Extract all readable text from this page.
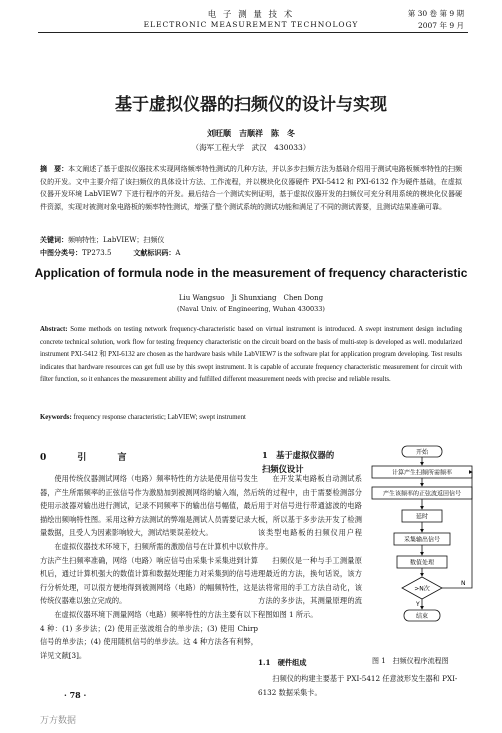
电 子 测 量 技 术
ELECTRONIC MEASUREMENT TECHNOLOGY
第 30 卷 第 9 期
2007 年 9 月
基于虚拟仪器的扫频仪的设计与实现
刘旺顺　吉顺祥　陈　冬
（海军工程大学　武汉　430033）
摘　要：本文阐述了基于虚拟仪器技术实现网络频率特性测试的几种方法，并以多步扫频方法为基础介绍用于测试电路板频率特性的扫频仪的开发。文中主要介绍了该扫频仪的具体设计方法、工作流程，并以模块化仪器硬件 PXI-5412 和 PXI-6132 作为硬件基础，在虚拟仪器开发环境 LabVIEW7 下进行程序的开发。最后结合一个测试实例证明，基于虚拟仪器开发的扫频仪可充分利用系统的模块化仪器硬件资源，实现对被测对象电路板的频率特性测试，增强了整个测试系统的测试功能和满足了不同的测试需要，且测试结果准确可靠。
关键词：频响特性；LabVIEW；扫频仪
中图分类号：TP273.5	文献标识码：A
Application of formula node in the measurement of frequency characteristic
Liu Wangsuo　Ji Shunxiang　Chen Dong
(Naval Univ. of Engineering, Wuhan 430033)
Abstract: Some methods on testing network frequency-characteristic based on virtual instrument is introduced. A swept instrument design including concrete technical solution, work flow for testing frequency characteristic on the circuit board on the basis of multi-step is developed as well. modularized instrument PXI-5412 和 PXI-6132 are chosen as the hardware basis while LabVIEW7 is the software plat for application program developing. Test results indicates that hardware resources can get full use by this swept instrument. It is capable of accurate frequency characteristic measurement for circuit with filter function, so it enhances the measurement ability and fulfilled different measurement needs with precise and reliable results.
Keywords: frequency response characteristic; LabVIEW; swept instrument
0 引 言

使用传统仪器测试网络（电路）频率特性的方法是使用信号发生器，产生所需频率的正弦信号作为激励加到被测网络的输入端，然后使用示波器对输出进行测试，记录不同频率下的输出信号幅值，最后描绘出频响特性图。采用这种方法测试的弊端是测试人员需要记录大量数据，且受人为因素影响较大，测试结果误差较大。

在虚拟仪器技术环境下，扫频所需的激励信号在计算机中以软件方法产生扫频率准确，网络（电路）响应信号由采集卡采集进到计算机后，通过计算机强大的数值计算和数据处理能力对采集到的信号进行分析处理，可以很方便地得到被测网络（电路）的幅频特性，这是传统仪器难以独立完成的。

在虚拟仪器环境下测量网络（电路）频率特性的方法主要有以下 4 种：(1) 多步法；(2) 使用正弦波组合的单步法；(3) 使用 Chirp 信号的单步法；(4) 使用随机信号的单步法。这 4 种方法各有利弊，详见文献[3]。

1　基于虚拟仪器的扫频仪设计

在开发某电路板自动测试系统的过程中，由于需要检测部分用于对信号进行带通滤波的电路板，所以基于多步法开发了检测该类型电路板的扫频仪用户程序。

扫频仪是一种与手工测量原理最近的方法，换句话说，该方法将常用的手工方法自动化，该方法的多步法，其测量原理的流程图如图 1 所示。

开始
计算产生扫频所需频率
产生该频率的正弦波返回信号
延时
采集输出信号
数值处理
>N次
结束
Y
N
图 1　扫频仪程序流程图
1.1　硬件组成

扫频仪的构建主要基于 PXI-5412 任意波形发生器和 PXI-6132 数据采集卡。

· 78 ·
万方数据
